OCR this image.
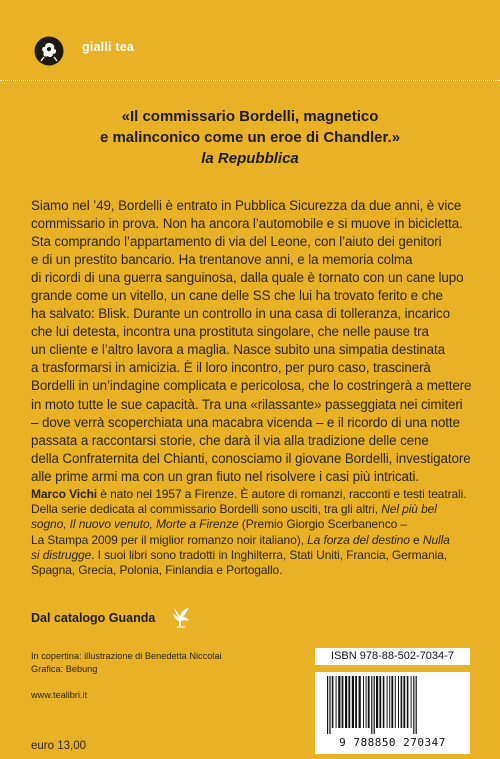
gialli tea
«Il commissario Bordelli, magnetico
e malinconico come un eroe di Chandler.»
la Repubblica
Siamo nel ’49, Bordelli è entrato in Pubblica Sicurezza da due anni, è vice
commissario in prova. Non ha ancora l’automobile e si muove in bicicletta.
Sta comprando l’appartamento di via del Leone, con l’aiuto dei genitori
e di un prestito bancario. Ha trentanove anni, e la memoria colma
di ricordi di una guerra sanguinosa, dalla quale è tornato con un cane lupo
grande come un vitello, un cane delle SS che lui ha trovato ferito e che
ha salvato: Blisk. Durante un controllo in una casa di tolleranza, incarico
che lui detesta, incontra una prostituta singolare, che nelle pause tra
un cliente e l’altro lavora a maglia. Nasce subito una simpatia destinata
a trasformarsi in amicizia. È il loro incontro, per puro caso, trascinerà
Bordelli in un’indagine complicata e pericolosa, che lo costringerà a mettere
in moto tutte le sue capacità. Tra una «rilassante» passeggiata nei cimiteri
– dove verrà scoperchiata una macabra vicenda – e il ricordo di una notte
passata a raccontarsi storie, che darà il via alla tradizione delle cene
della Confraternita del Chianti, conosciamo il giovane Bordelli, investigatore
alle prime armi ma con un gran fiuto nel risolvere i casi più intricati.
Marco Vichi è nato nel 1957 a Firenze. È autore di romanzi, racconti e testi teatrali.
Della serie dedicata al commissario Bordelli sono usciti, tra gli altri, Nel più bel
sogno, Il nuovo venuto, Morte a Firenze (Premio Giorgio Scerbanenco –
La Stampa 2009 per il miglior romanzo noir italiano), La forza del destino e Nulla
si distrugge. I suoi libri sono tradotti in Inghilterra, Stati Uniti, Francia, Germania,
Spagna, Grecia, Polonia, Finlandia e Portogallo.
Dal catalogo Guanda
In copertina: illustrazione di Benedetta Niccolai
Grafica: Bebung
www.tealibri.it
euro 13,00
ISBN 978-88-502-7034-7
9 788850 270347
